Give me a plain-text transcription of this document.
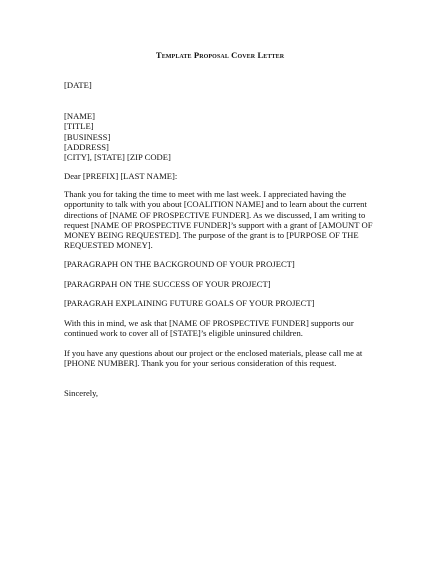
Template Proposal Cover Letter
[DATE]
[NAME]
[TITLE]
[BUSINESS]
[ADDRESS]
[CITY], [STATE] [ZIP CODE]
Dear [PREFIX] [LAST NAME]:
Thank you for taking the time to meet with me last week. I appreciated having the
opportunity to talk with you about [COALITION NAME] and to learn about the current
directions of [NAME OF PROSPECTIVE FUNDER]. As we discussed, I am writing to
request [NAME OF PROSPECTIVE FUNDER]’s support with a grant of [AMOUNT OF
MONEY BEING REQUESTED]. The purpose of the grant is to [PURPOSE OF THE
REQUESTED MONEY].
[PARAGRAPH ON THE BACKGROUND OF YOUR PROJECT]
[PARAGRPAH ON THE SUCCESS OF YOUR PROJECT]
[PARAGRAH EXPLAINING FUTURE GOALS OF YOUR PROJECT]
With this in mind, we ask that [NAME OF PROSPECTIVE FUNDER] supports our
continued work to cover all of [STATE]’s eligible uninsured children.
If you have any questions about our project or the enclosed materials, please call me at
[PHONE NUMBER]. Thank you for your serious consideration of this request.
Sincerely,
